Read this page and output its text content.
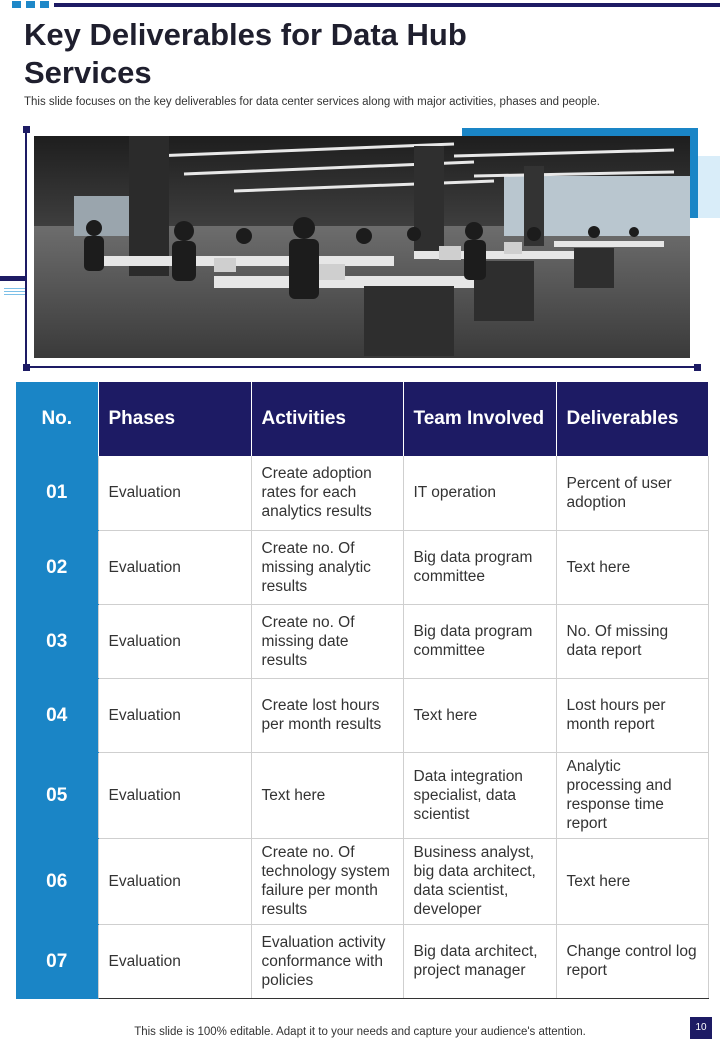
Key Deliverables for Data Hub Services
This slide focuses on the key deliverables for data center services along with major activities, phases and people.
No.	Phases	Activities	Team Involved	Deliverables
01	Evaluation	Create adoption rates for each analytics results	IT operation	Percent of user adoption
02	Evaluation	Create no. Of missing analytic results	Big data program committee	Text here
03	Evaluation	Create no. Of missing date results	Big data program committee	No. Of missing data report
04	Evaluation	Create lost hours per month results	Text here	Lost hours per month report
05	Evaluation	Text here	Data integration specialist, data scientist	Analytic processing and response time report
06	Evaluation	Create no. Of technology system failure per month results	Business analyst, big data architect, data scientist, developer	Text here
07	Evaluation	Evaluation activity conformance with policies	Big data architect, project manager	Change control log report
This slide is 100% editable. Adapt it to your needs and capture your audience's attention.	10
